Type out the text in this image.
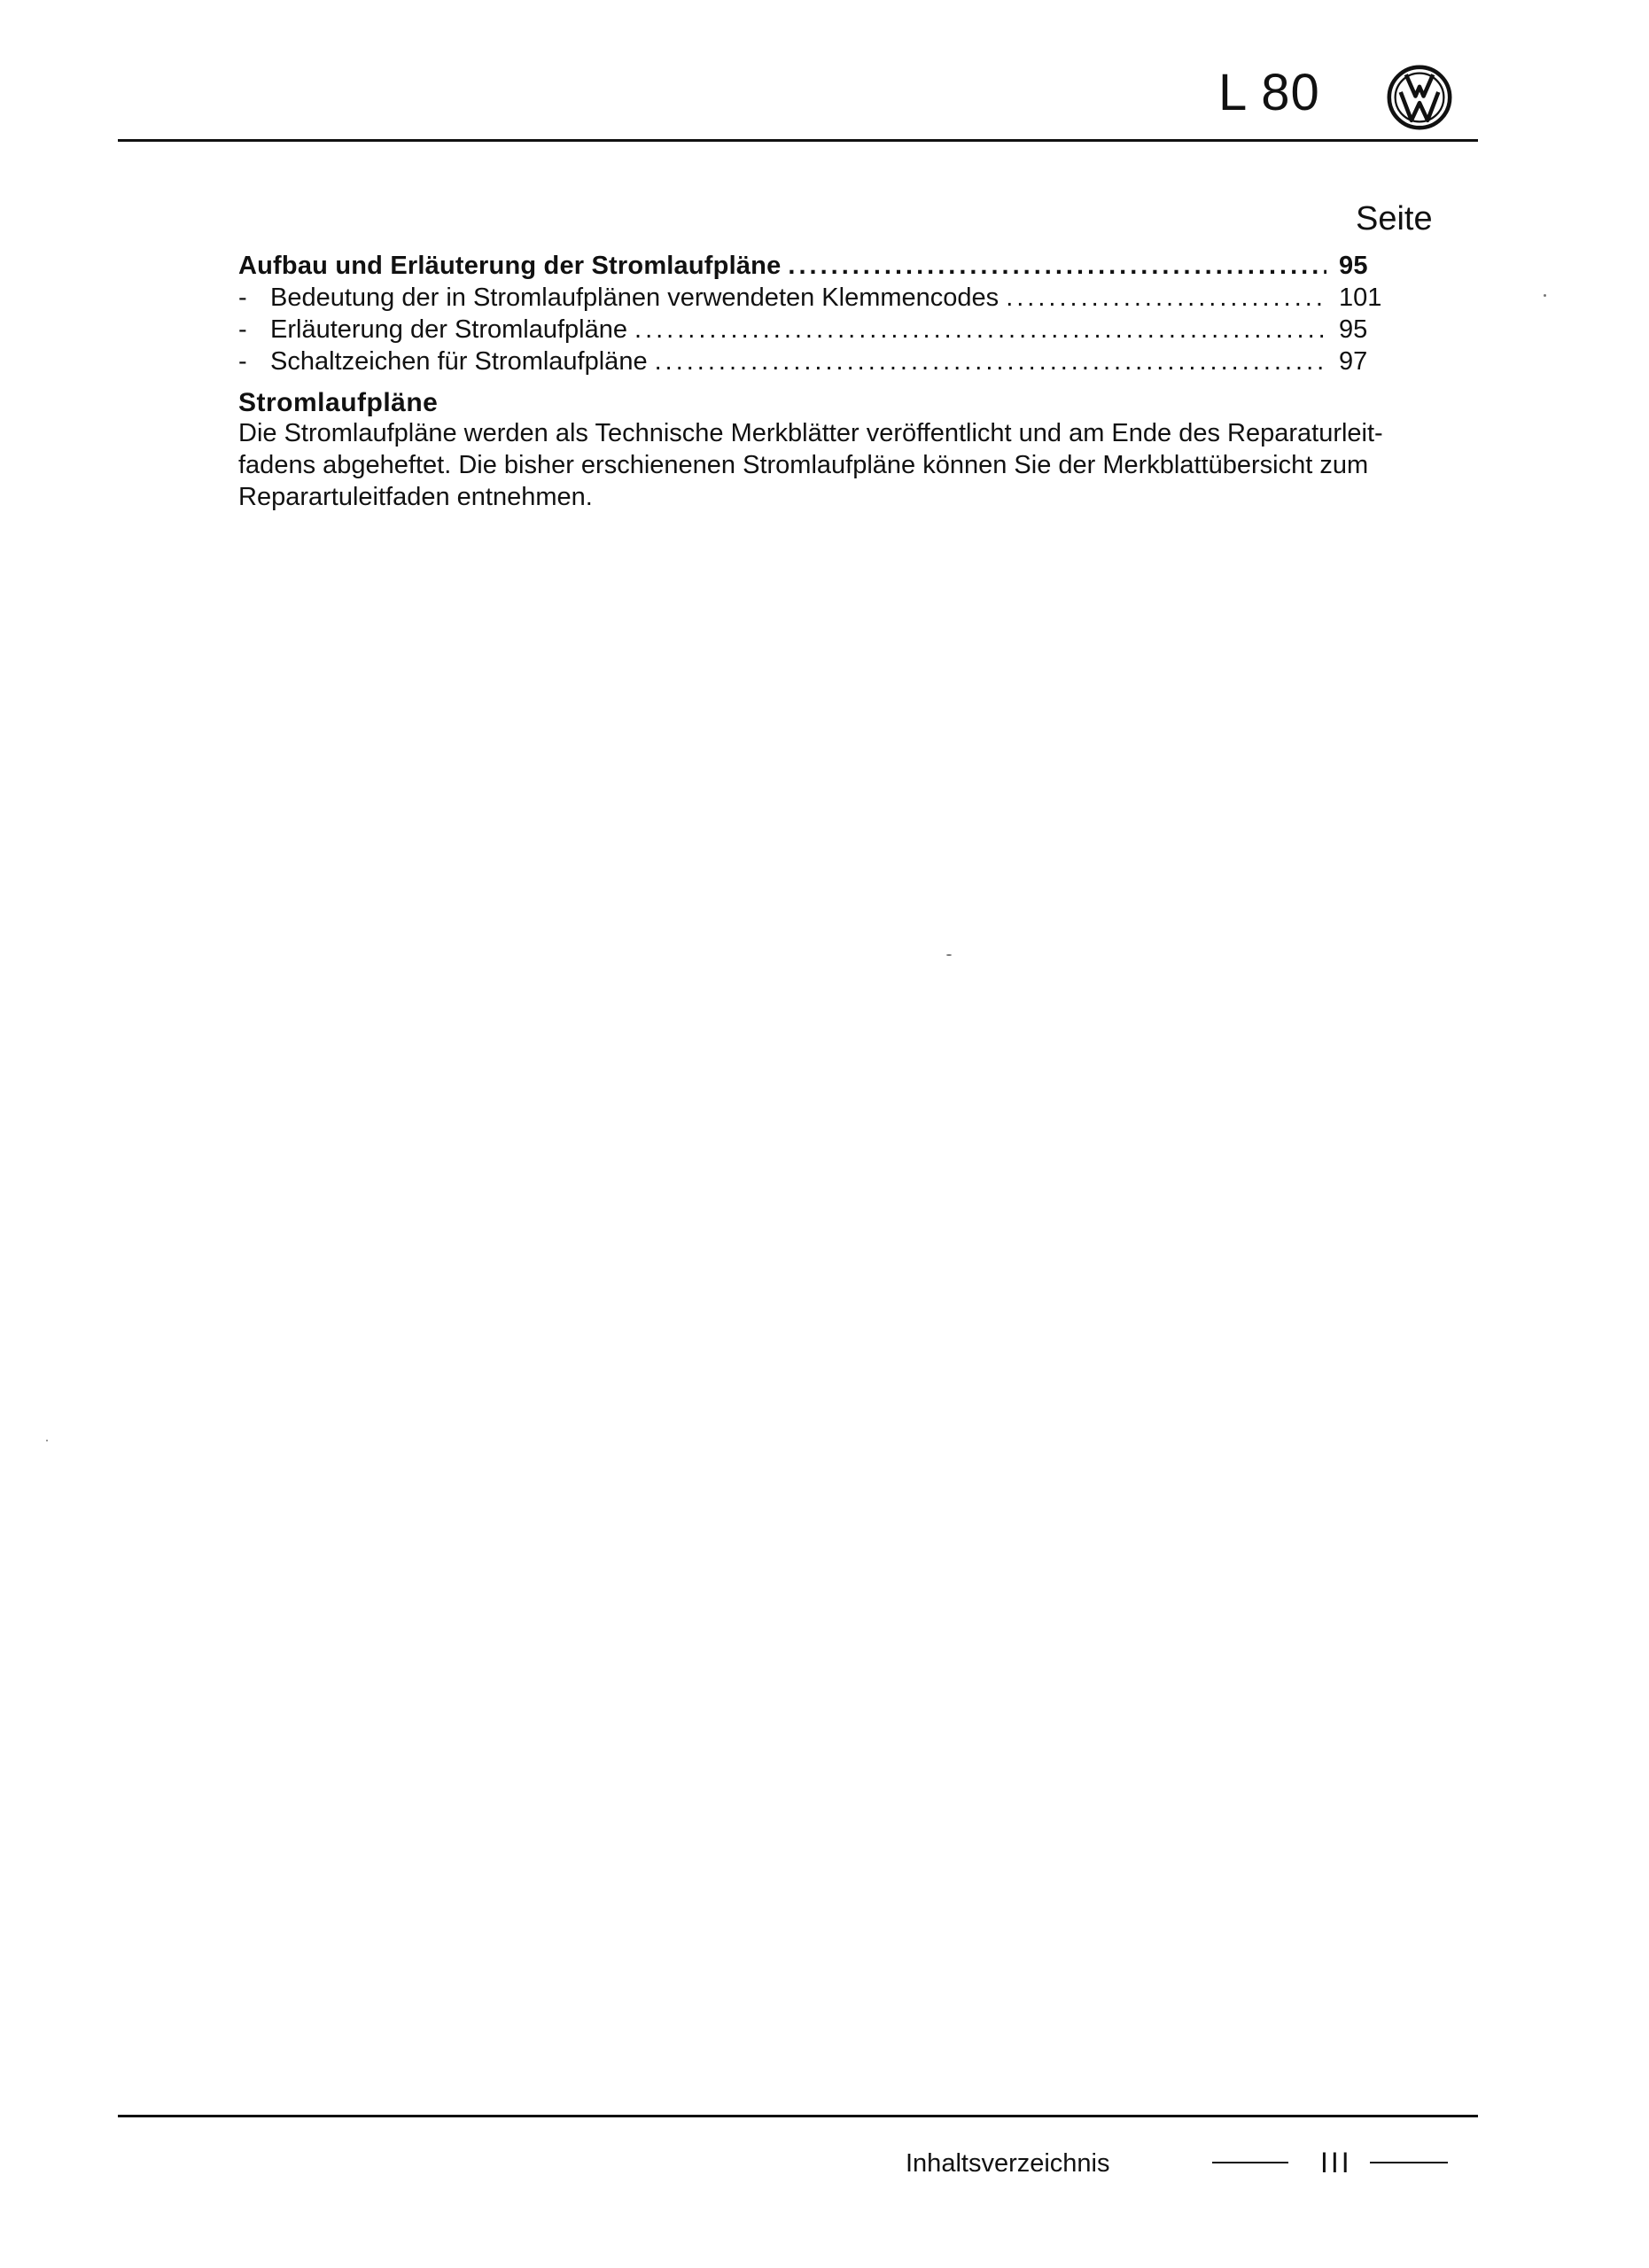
L 80
Seite
Aufbau und Erläuterung der Stromlaufpläne .....	95
- Bedeutung der in Stromlaufplänen verwendeten Klemmencodes .....	101
- Erläuterung der Stromlaufpläne .....	95
- Schaltzeichen für Stromlaufpläne .....	97
Stromlaufpläne
Die Stromlaufpläne werden als Technische Merkblätter veröffentlicht und am Ende des Reparaturleit-
fadens abgeheftet. Die bisher erschienenen Stromlaufpläne können Sie der Merkblattübersicht zum
Reparartuleitfaden entnehmen.
Inhaltsverzeichnis	III
